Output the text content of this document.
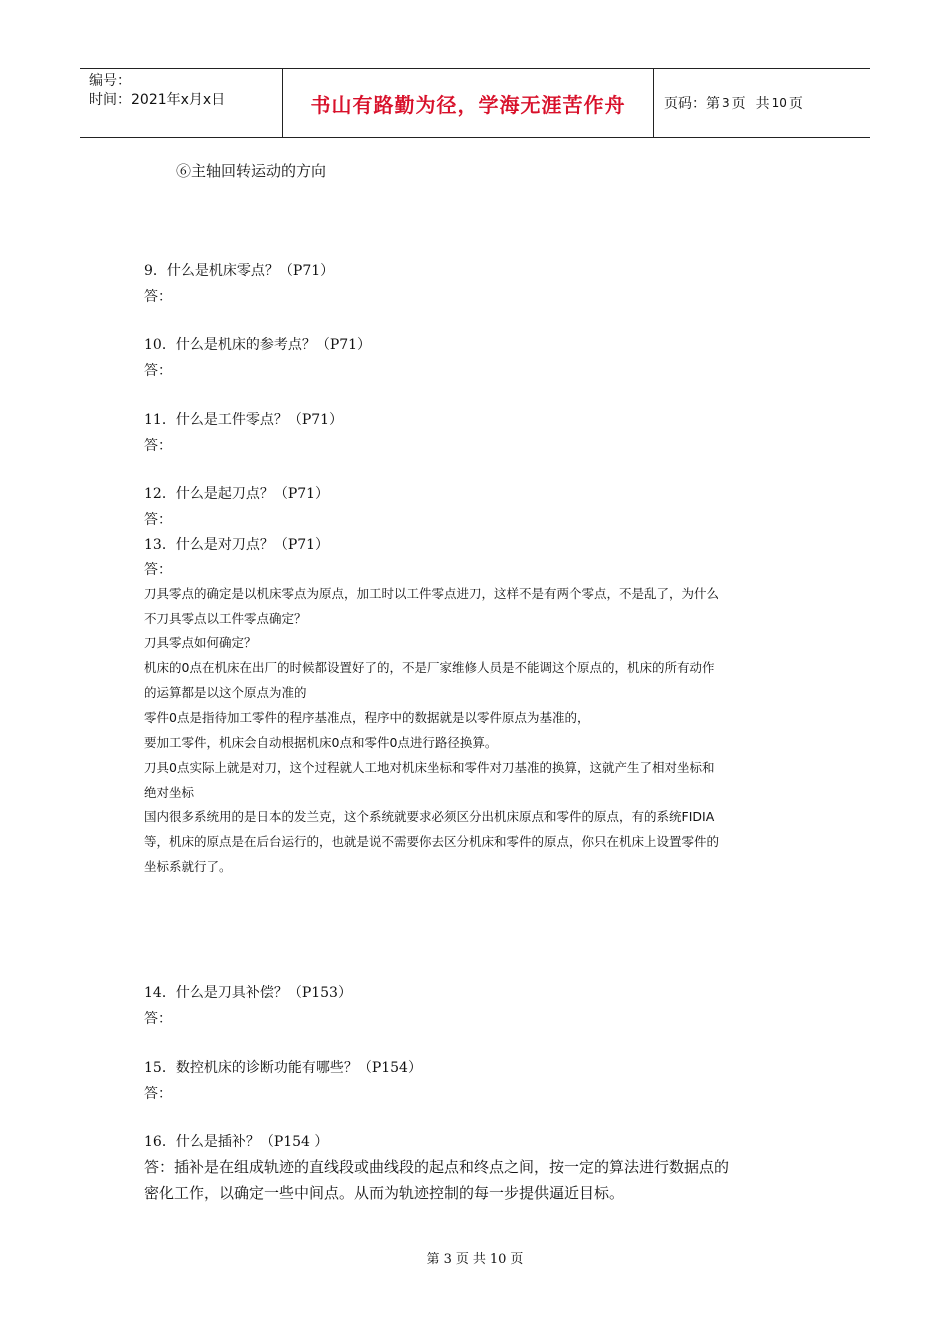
编号：
时间：2021年x月x日	书山有路勤为径，学海无涯苦作舟	页码：第 3 页 共 10 页
⑥主轴回转运动的方向
9．什么是机床零点？（P71）
答：
10．什么是机床的参考点？（P71）
答：
11．什么是工件零点？（P71）
答：
12．什么是起刀点？（P71）
答：
13．什么是对刀点？（P71）
答：
刀具零点的确定是以机床零点为原点，加工时以工件零点进刀，这样不是有两个零点，不是乱了，为什么
不刀具零点以工件零点确定？
刀具零点如何确定？
机床的0点在机床在出厂的时候都设置好了的，不是厂家维修人员是不能调这个原点的，机床的所有动作
的运算都是以这个原点为准的
零件0点是指待加工零件的程序基准点，程序中的数据就是以零件原点为基准的，
要加工零件，机床会自动根据机床0点和零件0点进行路径换算。
刀具0点实际上就是对刀，这个过程就人工地对机床坐标和零件对刀基准的换算，这就产生了相对坐标和
绝对坐标
国内很多系统用的是日本的发兰克，这个系统就要求必须区分出机床原点和零件的原点，有的系统FIDIA
等，机床的原点是在后台运行的，也就是说不需要你去区分机床和零件的原点，你只在机床上设置零件的
坐标系就行了。
14．什么是刀具补偿？（P153）
答：
15．数控机床的诊断功能有哪些？（P154）
答：
16．什么是插补？（P154 ）
答：插补是在组成轨迹的直线段或曲线段的起点和终点之间，按一定的算法进行数据点的
密化工作，以确定一些中间点。从而为轨迹控制的每一步提供逼近目标。
第 3 页 共 10 页
